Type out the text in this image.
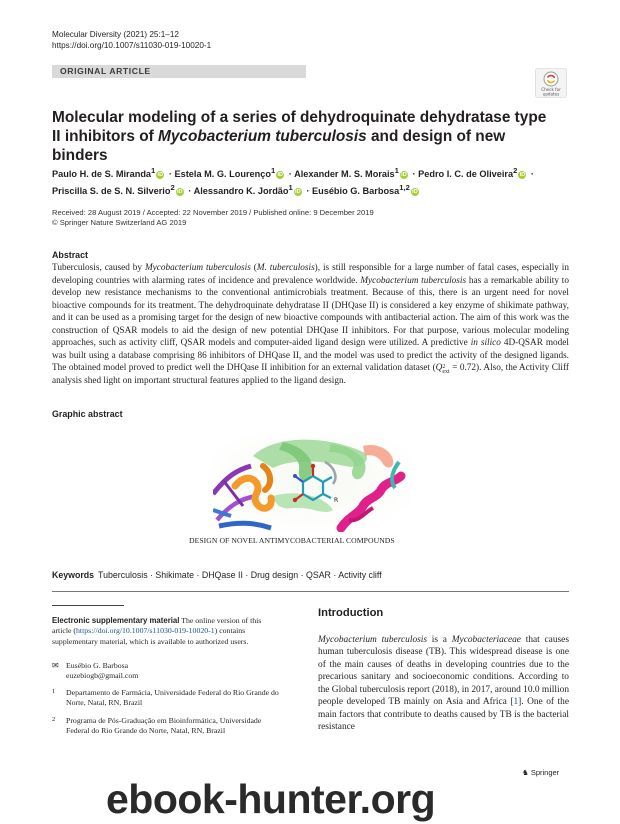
Molecular Diversity (2021) 25:1–12
https://doi.org/10.1007/s11030-019-10020-1
ORIGINAL ARTICLE
Check for
updates
Molecular modeling of a series of dehydroquinate dehydratase type II inhibitors of Mycobacterium tuberculosis and design of new binders
Paulo H. de S. Miranda$^1$ iD · Estela M. G. Lourenço$^1$ iD · Alexander M. S. Morais$^1$ iD · Pedro I. C. de Oliveira$^2$ iD ·
Priscilla S. de S. N. Silverio$^2$ iD · Alessandro K. Jordão$^1$ iD · Eusébio G. Barbosa$^{1,2}$ iD
Received: 28 August 2019 / Accepted: 22 November 2019 / Published online: 9 December 2019
© Springer Nature Switzerland AG 2019
Abstract
Tuberculosis, caused by Mycobacterium tuberculosis (M. tuberculosis), is still responsible for a large number of fatal cases, especially in developing countries with alarming rates of incidence and prevalence worldwide. Mycobacterium tuberculosis has a remarkable ability to develop new resistance mechanisms to the conventional antimicrobials treatment. Because of this, there is an urgent need for novel bioactive compounds for its treatment. The dehydroquinate dehydratase II (DHQase II) is considered a key enzyme of shikimate pathway, and it can be used as a promising target for the design of new bioactive compounds with antibacterial action. The aim of this work was the construction of QSAR models to aid the design of new potential DHQase II inhibitors. For that purpose, various molecular modeling approaches, such as activity cliff, QSAR models and computer-aided ligand design were utilized. A predictive in silico 4D-QSAR model was built using a database comprising 86 inhibitors of DHQase II, and the model was used to predict the activity of the designed ligands. The obtained model proved to predict well the DHQase II inhibition for an external validation dataset (Q 2
ext = 0.72). Also, the Activity Cliff analysis shed light on important structural features applied to the ligand design.
Graphic abstract
R
DESIGN OF NOVEL ANTIMYCOBACTERIAL COMPOUNDS
Keywords Tuberculosis · Shikimate · DHQase II · Drug design · QSAR · Activity cliff
Electronic supplementary material The online version of this article (https://doi.org/10.1007/s11030-019-10020-1) contains supplementary material, which is available to authorized users.
✉ Eusébio G. Barbosa
euzebiogb@gmail.com
1 Departamento de Farmácia, Universidade Federal do Rio Grande do Norte, Natal, RN, Brazil
2 Programa de Pós-Graduação em Bioinformática, Universidade Federal do Rio Grande do Norte, Natal, RN, Brazil
Introduction
Mycobacterium tuberculosis is a Mycobacteriaceae that causes human tuberculosis disease (TB). This widespread disease is one of the main causes of deaths in developing countries due to the precarious sanitary and socioeconomic conditions. According to the Global tuberculosis report (2018), in 2017, around 10.0 million people developed TB mainly on Asia and Africa [1]. One of the main factors that contribute to deaths caused by TB is the bacterial resistance
♞ Springer
ebook-hunter.org
